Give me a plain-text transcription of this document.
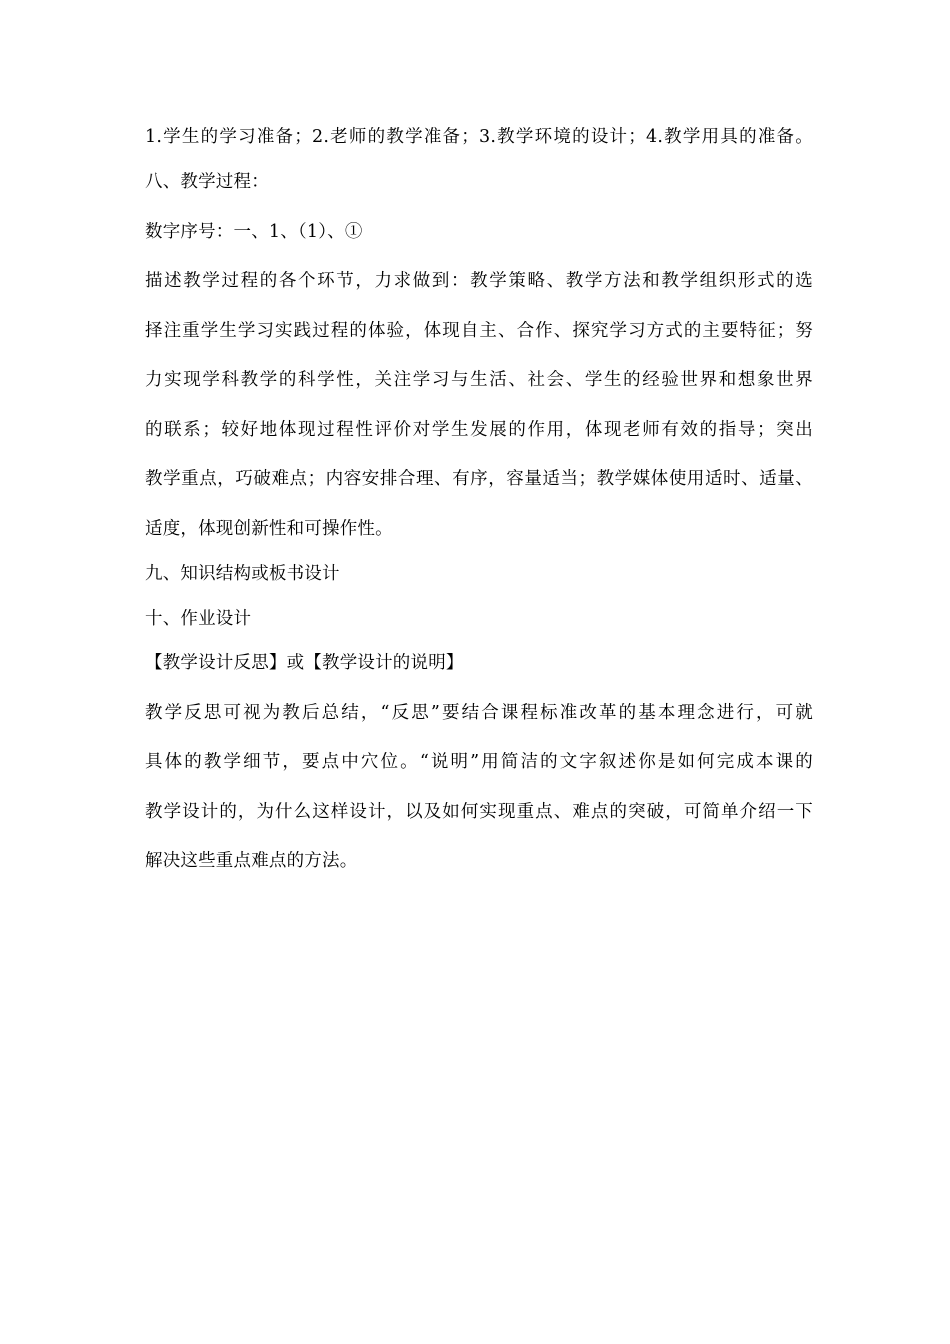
1.学生的学习准备；2.老师的教学准备；3.教学环境的设计；4.教学用具的准备。
八、教学过程：
数字序号：一、1、（1）、①
描述教学过程的各个环节，力求做到：教学策略、教学方法和教学组织形式的选
择注重学生学习实践过程的体验，体现自主、合作、探究学习方式的主要特征；努
力实现学科教学的科学性，关注学习与生活、社会、学生的经验世界和想象世界
的联系；较好地体现过程性评价对学生发展的作用，体现老师有效的指导；突出
教学重点，巧破难点；内容安排合理、有序，容量适当；教学媒体使用适时、适量、
适度，体现创新性和可操作性。
九、知识结构或板书设计
十、作业设计
【教学设计反思】或【教学设计的说明】
教学反思可视为教后总结，“反思”要结合课程标准改革的基本理念进行，可就
具体的教学细节，要点中穴位。“说明”用简洁的文字叙述你是如何完成本课的
教学设计的，为什么这样设计，以及如何实现重点、难点的突破，可简单介绍一下
解决这些重点难点的方法。
